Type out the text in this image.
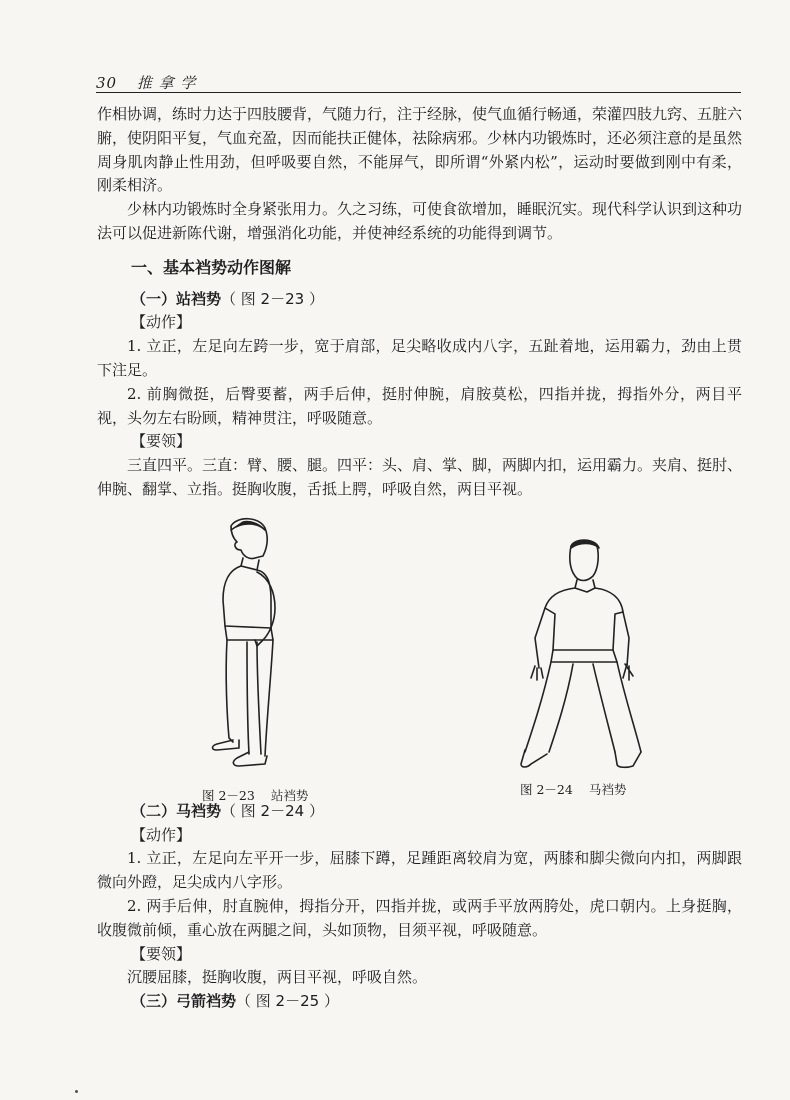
30 推 拿 学

作相协调，练时力达于四肢腰背，气随力行，注于经脉，使气血循行畅通，荣灌四肢九窍、五脏六腑，使阴阳平复，气血充盈，因而能扶正健体，祛除病邪。少林内功锻炼时，还必须注意的是虽然周身肌肉静止性用劲，但呼吸要自然，不能屏气，即所谓“外紧内松”，运动时要做到刚中有柔，刚柔相济。

少林内功锻炼时全身紧张用力。久之习练，可使食欲增加，睡眠沉实。现代科学认识到这种功法可以促进新陈代谢，增强消化功能，并使神经系统的功能得到调节。

一、基本裆势动作图解
（一）站裆势（ 图 2－23 ）
【动作】

1. 立正，左足向左跨一步，宽于肩部，足尖略收成内八字，五趾着地，运用霸力，劲由上贯下注足。

2. 前胸微挺，后臀要蓄，两手后伸，挺肘伸腕，肩胺莫松，四指并拢，拇指外分，两目平视，头勿左右盼顾，精神贯注，呼吸随意。

【要领】

三直四平。三直：臂、腰、腿。四平：头、肩、掌、脚，两脚内扣，运用霸力。夹肩、挺肘、伸腕、翻掌、立指。挺胸收腹，舌抵上腭，呼吸自然，两目平视。

图 2－23 站裆势	图 2－24 马裆势
（二）马裆势（ 图 2－24 ）
【动作】

1. 立正，左足向左平开一步，屈膝下蹲，足踵距离较肩为宽，两膝和脚尖微向内扣，两脚跟微向外蹬，足尖成内八字形。

2. 两手后伸，肘直腕伸，拇指分开，四指并拢，或两手平放两胯处，虎口朝内。上身挺胸，收腹微前倾，重心放在两腿之间，头如顶物，目须平视，呼吸随意。

【要领】

沉腰屈膝，挺胸收腹，两目平视，呼吸自然。

（三）弓箭裆势（ 图 2－25 ）
